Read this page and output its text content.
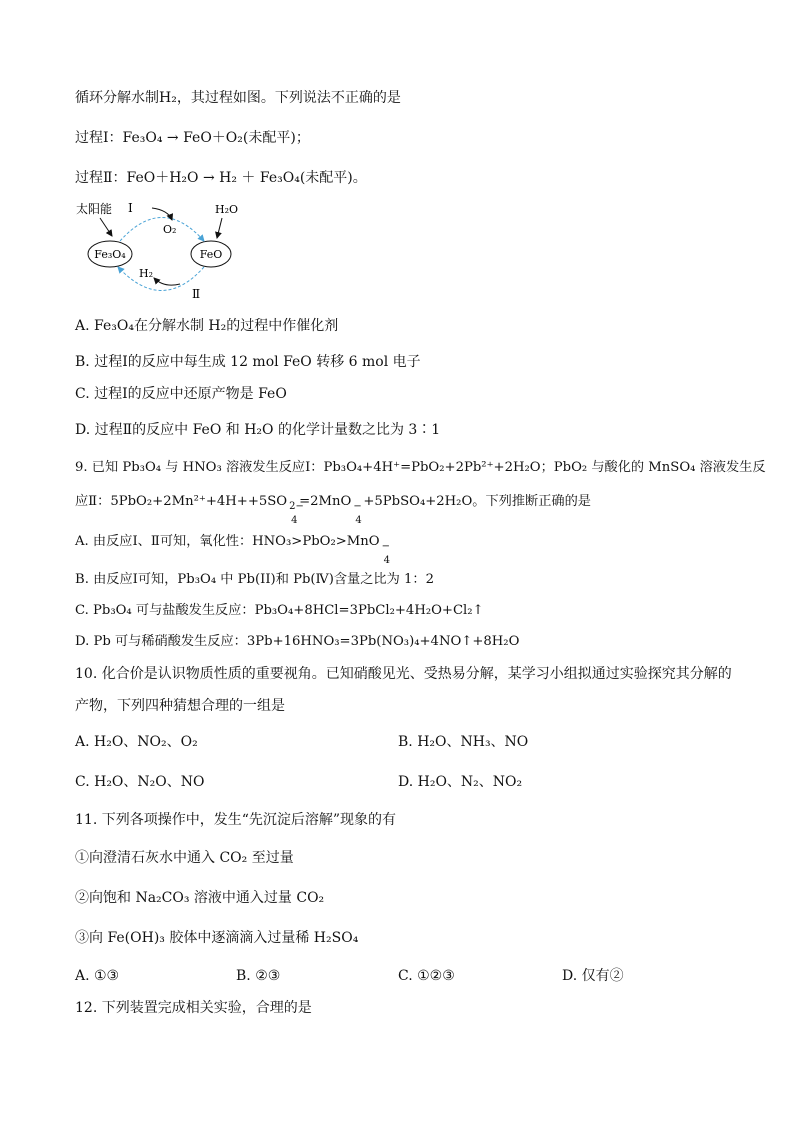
循环分解水制H₂，其过程如图。下列说法不正确的是
过程Ⅰ：Fe₃O₄ → FeO＋O₂(未配平)；
过程Ⅱ：FeO＋H₂O → H₂ ＋ Fe₃O₄(未配平)。
太阳能
Fe₃O₄	FeO
Ⅰ
O₂
H₂O
H₂
Ⅱ
A. Fe₃O₄在分解水制 H₂的过程中作催化剂
B. 过程Ⅰ的反应中每生成 12 mol FeO 转移 6 mol 电子
C. 过程Ⅰ的反应中还原产物是 FeO
D. 过程Ⅱ的反应中 FeO 和 H₂O 的化学计量数之比为 3∶1
9. 已知 Pb₃O₄ 与 HNO₃ 溶液发生反应Ⅰ：Pb₃O₄+4H⁺=PbO₂+2Pb²⁺+2H₂O；PbO₂ 与酸化的 MnSO₄ 溶液发生反
应Ⅱ：5PbO₂+2Mn²⁺+4H++5SO 2−
4
=2MnO −
4
+5PbSO₄+2H₂O。下列推断正确的是
A. 由反应Ⅰ、Ⅱ可知，氧化性：HNO₃>PbO₂>MnO −
4
B. 由反应Ⅰ可知，Pb₃O₄ 中 Pb(II)和 Pb(Ⅳ)含量之比为 1：2
C. Pb₃O₄ 可与盐酸发生反应：Pb₃O₄+8HCl=3PbCl₂+4H₂O+Cl₂↑
D. Pb 可与稀硝酸发生反应：3Pb+16HNO₃=3Pb(NO₃)₄+4NO↑+8H₂O
10. 化合价是认识物质性质的重要视角。已知硝酸见光、受热易分解，某学习小组拟通过实验探究其分解的
产物，下列四种猜想合理的一组是
A. H₂O、NO₂、O₂	B. H₂O、NH₃、NO
C. H₂O、N₂O、NO	D. H₂O、N₂、NO₂
11. 下列各项操作中，发生“先沉淀后溶解”现象的有
①向澄清石灰水中通入 CO₂ 至过量
②向饱和 Na₂CO₃ 溶液中通入过量 CO₂
③向 Fe(OH)₃ 胶体中逐滴滴入过量稀 H₂SO₄
A. ①③	B. ②③	C. ①②③	D. 仅有②
12. 下列装置完成相关实验，合理的是
